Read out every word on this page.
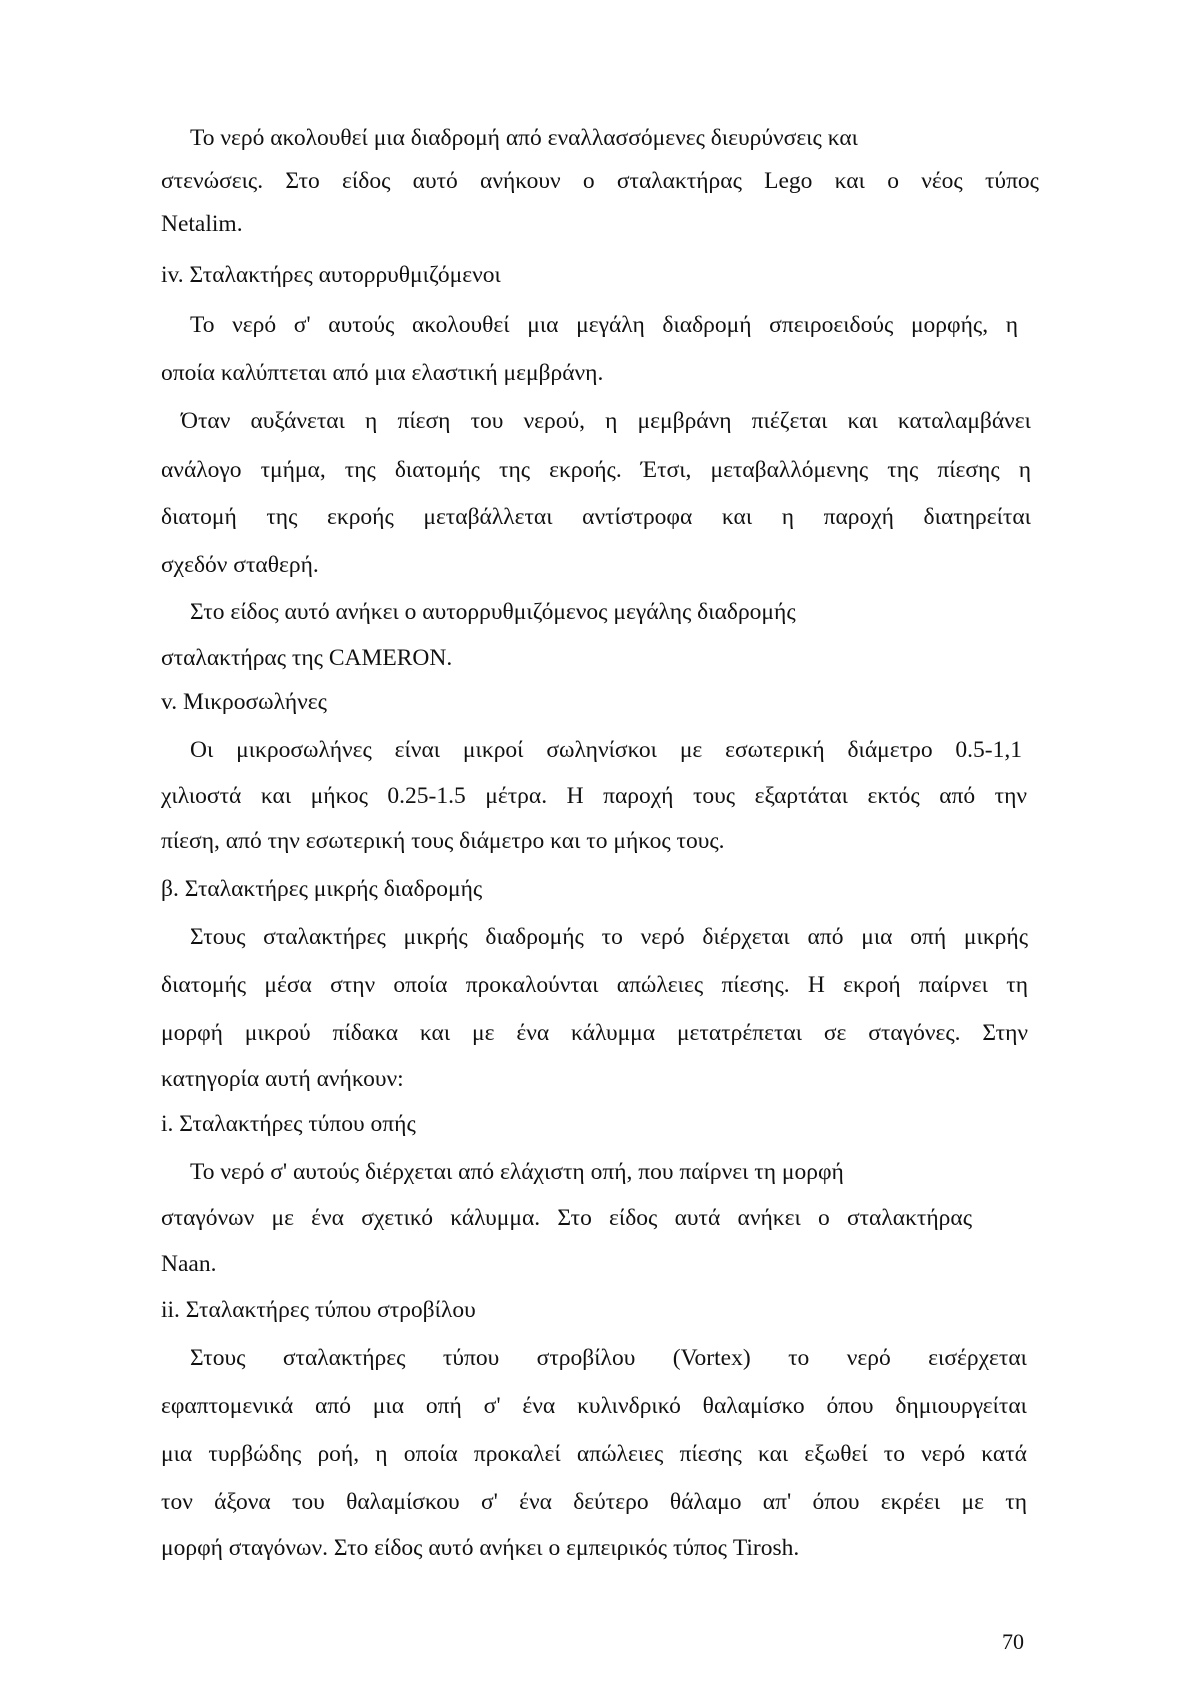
Το νερό ακολουθεί μια διαδρομή από εναλλασσόμενες διευρύνσεις και

στενώσεις. Στο είδος αυτό ανήκουν ο σταλακτήρας Lego και ο νέος τύπος

Netalim.

iv. Σταλακτήρες αυτορρυθμιζόμενοι

Το νερό σ' αυτούς ακολουθεί μια μεγάλη διαδρομή σπειροειδούς μορφής, η

οποία καλύπτεται από μια ελαστική μεμβράνη.

Όταν αυξάνεται η πίεση του νερού, η μεμβράνη πιέζεται και καταλαμβάνει

ανάλογο τμήμα, της διατομής της εκροής. Έτσι, μεταβαλλόμενης της πίεσης η

διατομή της εκροής μεταβάλλεται αντίστροφα και η παροχή διατηρείται

σχεδόν σταθερή.

Στο είδος αυτό ανήκει ο αυτορρυθμιζόμενος μεγάλης διαδρομής

σταλακτήρας της CAMERON.

v. Μικροσωλήνες

Οι μικροσωλήνες είναι μικροί σωληνίσκοι με εσωτερική διάμετρο 0.5-1,1

χιλιοστά και μήκος 0.25-1.5 μέτρα. Η παροχή τους εξαρτάται εκτός από την

πίεση, από την εσωτερική τους διάμετρο και το μήκος τους.

β. Σταλακτήρες μικρής διαδρομής

Στους σταλακτήρες μικρής διαδρομής το νερό διέρχεται από μια οπή μικρής

διατομής μέσα στην οποία προκαλούνται απώλειες πίεσης. Η εκροή παίρνει τη

μορφή μικρού πίδακα και με ένα κάλυμμα μετατρέπεται σε σταγόνες. Στην

κατηγορία αυτή ανήκουν:

i. Σταλακτήρες τύπου οπής

Το νερό σ' αυτούς διέρχεται από ελάχιστη οπή, που παίρνει τη μορφή

σταγόνων με ένα σχετικό κάλυμμα. Στο είδος αυτά ανήκει ο σταλακτήρας

Naan.

ii. Σταλακτήρες τύπου στροβίλου

Στους σταλακτήρες τύπου στροβίλου (Vortex) το νερό εισέρχεται

εφαπτομενικά από μια οπή σ' ένα κυλινδρικό θαλαμίσκο όπου δημιουργείται

μια τυρβώδης ροή, η οποία προκαλεί απώλειες πίεσης και εξωθεί το νερό κατά

τον άξονα του θαλαμίσκου σ' ένα δεύτερο θάλαμο απ' όπου εκρέει με τη

μορφή σταγόνων. Στο είδος αυτό ανήκει ο εμπειρικός τύπος Tirosh.

70
